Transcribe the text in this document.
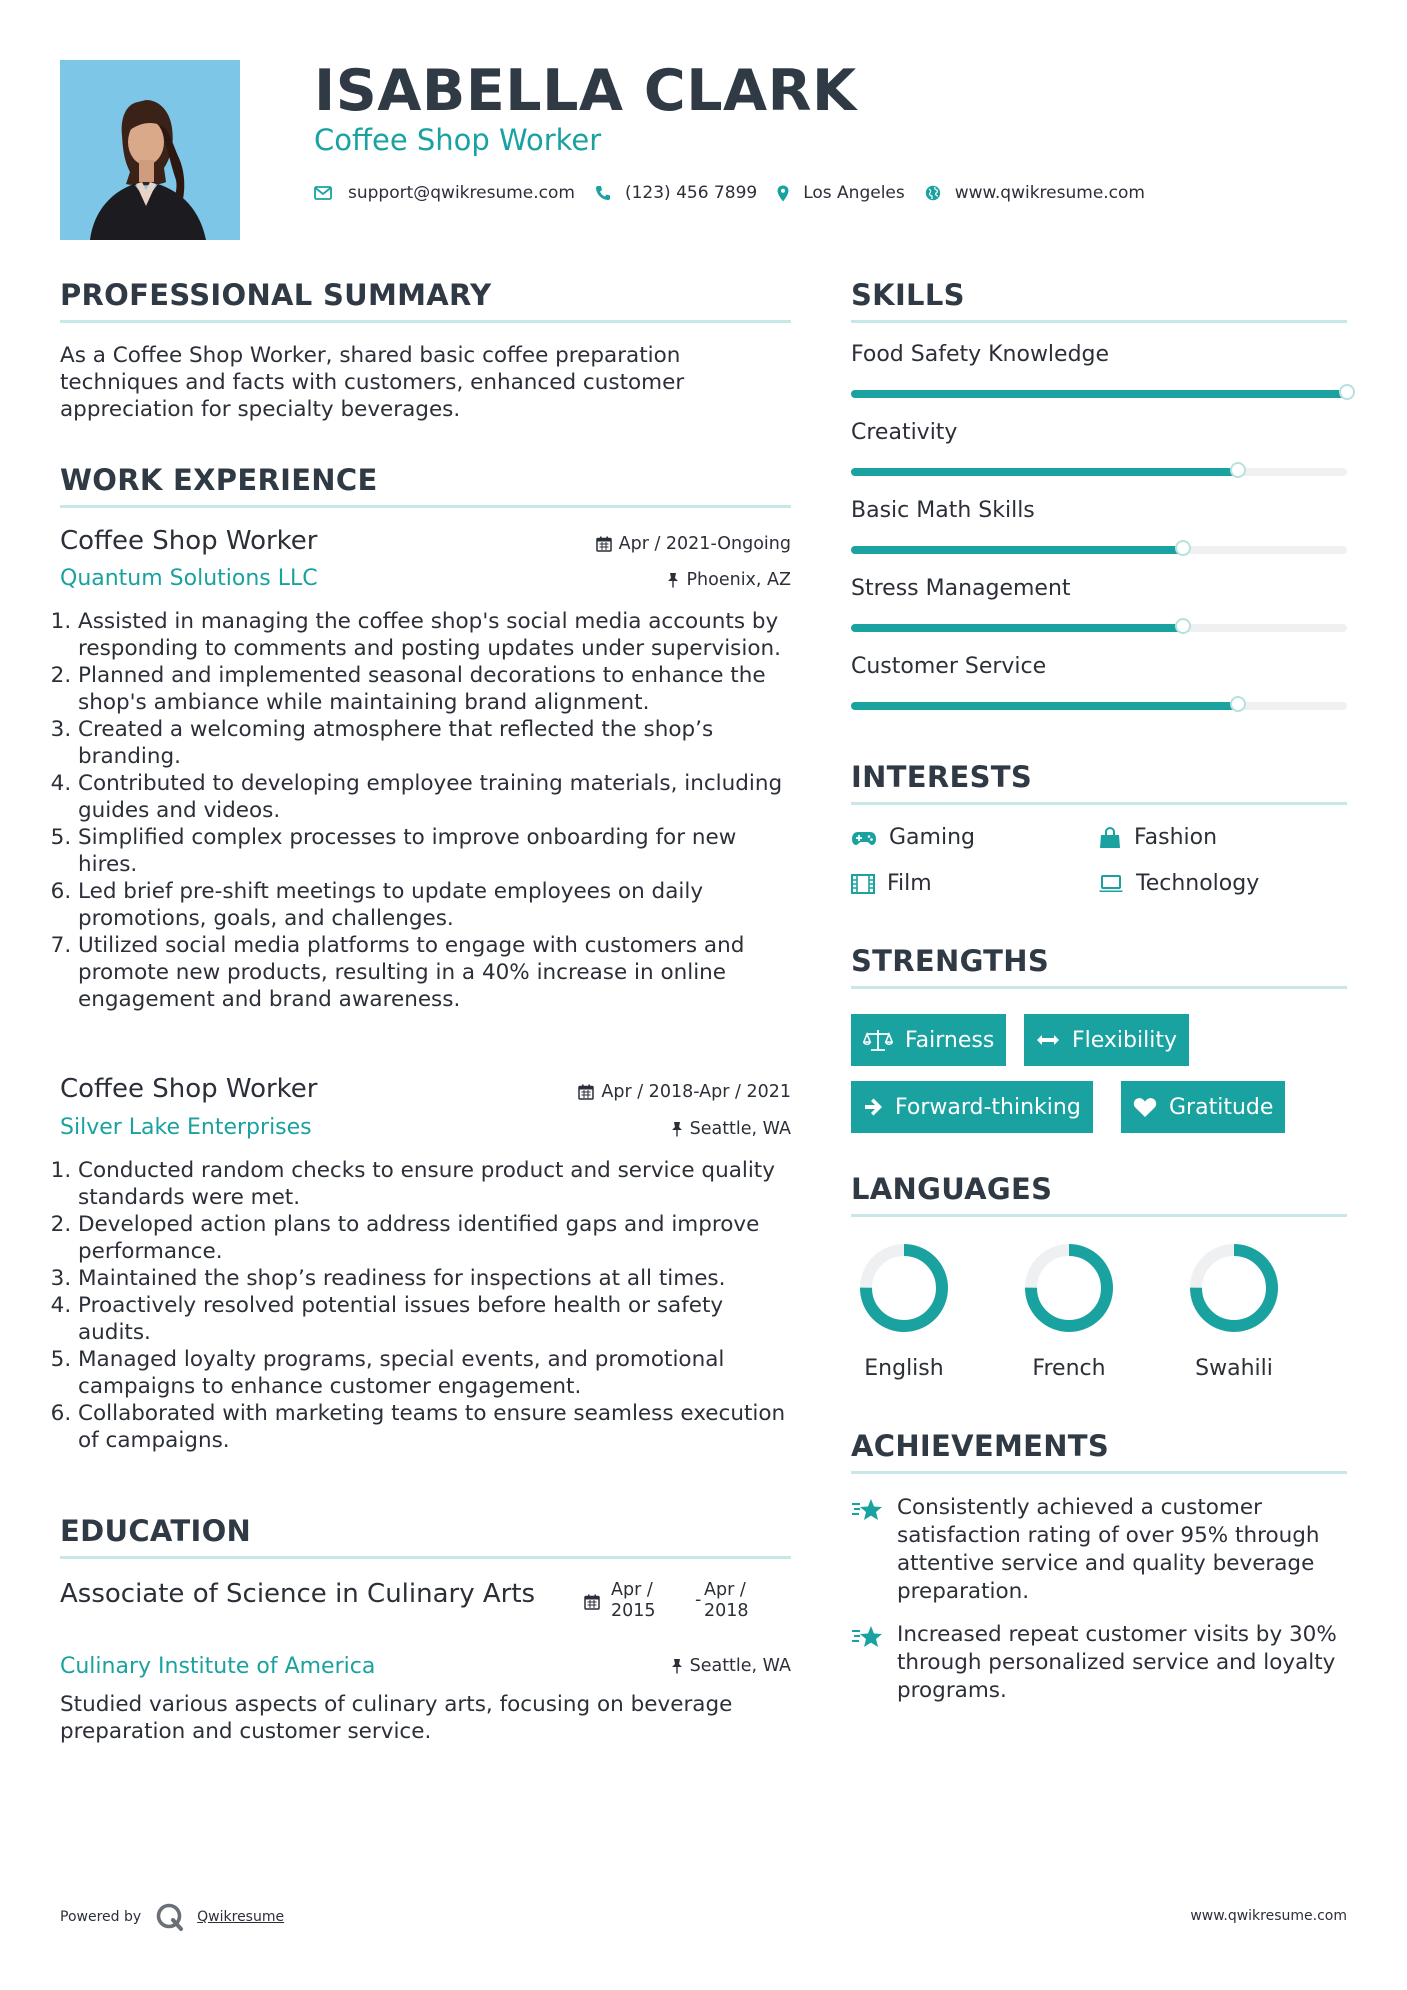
ISABELLA CLARK
Coffee Shop Worker
support@qwikresume.com	(123) 456 7899	Los Angeles	www.qwikresume.com
PROFESSIONAL SUMMARY
As a Coffee Shop Worker, shared basic coffee preparation techniques and facts with customers, enhanced customer appreciation for specialty beverages.
WORK EXPERIENCE
Coffee Shop Worker	Apr / 2021-Ongoing
Quantum Solutions LLC	Phoenix, AZ
1. Assisted in managing the coffee shop's social media accounts by responding to comments and posting updates under supervision.
2. Planned and implemented seasonal decorations to enhance the shop's ambiance while maintaining brand alignment.
3. Created a welcoming atmosphere that reflected the shop’s branding.
4. Contributed to developing employee training materials, including guides and videos.
5. Simplified complex processes to improve onboarding for new hires.
6. Led brief pre-shift meetings to update employees on daily promotions, goals, and challenges.
7. Utilized social media platforms to engage with customers and promote new products, resulting in a 40% increase in online engagement and brand awareness.
Coffee Shop Worker	Apr / 2018-Apr / 2021
Silver Lake Enterprises	Seattle, WA
1. Conducted random checks to ensure product and service quality standards were met.
2. Developed action plans to address identified gaps and improve performance.
3. Maintained the shop’s readiness for inspections at all times.
4. Proactively resolved potential issues before health or safety audits.
5. Managed loyalty programs, special events, and promotional campaigns to enhance customer engagement.
6. Collaborated with marketing teams to ensure seamless execution of campaigns.
EDUCATION
Associate of Science in Culinary Arts	Apr /
2015
- Apr /
2018
Culinary Institute of America	Seattle, WA
Studied various aspects of culinary arts, focusing on beverage preparation and customer service.
SKILLS
Food Safety Knowledge
Creativity
Basic Math Skills
Stress Management
Customer Service
INTERESTS
Gaming	Fashion
Film	Technology
STRENGTHS
Fairness	Flexibility
Forward-thinking	Gratitude
LANGUAGES
English	French	Swahili
ACHIEVEMENTS
Consistently achieved a customer satisfaction rating of over 95% through attentive service and quality beverage preparation.
Increased repeat customer visits by 30% through personalized service and loyalty programs.
Powered by	Qwikresume	www.qwikresume.com
